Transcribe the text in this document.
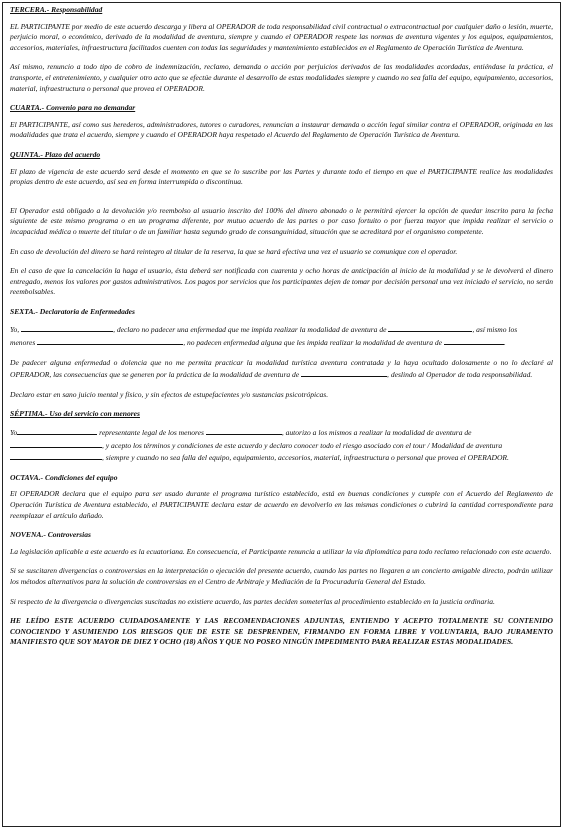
TERCERA.- Responsabilidad

EL PARTICIPANTE por medio de este acuerdo descarga y libera al OPERADOR de toda responsabilidad civil contractual o extracontractual por cualquier daño o lesión, muerte, perjuicio moral, o económico, derivado de la modalidad de aventura, siempre y cuando el OPERADOR respete las normas de aventura vigentes y los equipos, equipamientos, accesorios, materiales, infraestructura facilitados cuenten con todas las seguridades y mantenimiento establecidos en el Reglamento de Operación Turística de Aventura.

Así mismo, renuncio a todo tipo de cobro de indemnización, reclamo, demanda o acción por perjuicios derivados de las modalidades acordadas, entiéndase la práctica, el transporte, el entretenimiento, y cualquier otro acto que se efectúe durante el desarrollo de estas modalidades siempre y cuando no sea falla del equipo, equipamiento, accesorios, material, infraestructura o personal que provea el OPERADOR.

CUARTA.- Convenio para no demandar

El PARTICIPANTE, así como sus herederos, administradores, tutores o curadores, renuncian a instaurar demanda o acción legal similar contra el OPERADOR, originada en las modalidades que trata el acuerdo, siempre y cuando el OPERADOR haya respetado el Acuerdo del Reglamento de Operación Turística de Aventura.

QUINTA.- Plazo del acuerdo

El plazo de vigencia de este acuerdo será desde el momento en que se lo suscribe por las Partes y durante todo el tiempo en que el PARTICIPANTE realice las modalidades propias dentro de este acuerdo, así sea en forma interrumpida o discontinua.

El Operador está obligado a la devolución y/o reembolso al usuario inscrito del 100% del dinero abonado o le permitirá ejercer la opción de quedar inscrito para la fecha siguiente de este mismo programa o en un programa diferente, por mutuo acuerdo de las partes o por caso fortuito o por fuerza mayor que impida realizar el servicio o incapacidad médica o muerte del titular o de un familiar hasta segundo grado de consanguinidad, situación que se acreditará por el organismo competente.

En caso de devolución del dinero se hará reintegro al titular de la reserva, la que se hará efectiva una vez el usuario se comunique con el operador.

En el caso de que la cancelación la haga el usuario, ésta deberá ser notificada con cuarenta y ocho horas de anticipación al inicio de la modalidad y se le devolverá el dinero entregado, menos los valores por gastos administrativos. Los pagos por servicios que los participantes dejen de tomar por decisión personal una vez iniciado el servicio, no serán reembolsables.

SEXTA.- Declaratoria de Enfermedades

Yo,	, declaro no padecer una enfermedad que me impida realizar la modalidad de aventura de	, así mismo los
menores	, no padecen enfermedad alguna que les impida realizar la modalidad de aventura de	.

De padecer alguna enfermedad o dolencia que no me permita practicar la modalidad turística aventura contratada y la haya ocultado dolosamente o no lo declaré al OPERADOR, las consecuencias que se generen por la práctica de la modalidad de aventura de	, deslindo al Operador de toda responsabilidad.

Declaro estar en sano juicio mental y físico, y sin efectos de estupefacientes y/o sustancias psicotrópicas.

SÉPTIMA.- Uso del servicio con menores

Yo	representante legal de los menores	, autorizo a los mismos a realizar la modalidad de aventura de
, y acepto los términos y condiciones de este acuerdo y declaro conocer todo el riesgo asociado con el tour / Modalidad de aventura
, siempre y cuando no sea falla del equipo, equipamiento, accesorios, material, infraestructura o personal que provea el OPERADOR.

OCTAVA.- Condiciones del equipo

El OPERADOR declara que el equipo para ser usado durante el programa turístico establecido, está en buenas condiciones y cumple con el Acuerdo del Reglamento de Operación Turística de Aventura establecido, el PARTICIPANTE declara estar de acuerdo en devolverlo en las mismas condiciones o cubrirá la cantidad correspondiente para reemplazar el artículo dañado.

NOVENA.- Controversias

La legislación aplicable a este acuerdo es la ecuatoriana. En consecuencia, el Participante renuncia a utilizar la vía diplomática para todo reclamo relacionado con este acuerdo.

Si se suscitaren divergencias o controversias en la interpretación o ejecución del presente acuerdo, cuando las partes no llegaren a un concierto amigable directo, podrán utilizar los métodos alternativos para la solución de controversias en el Centro de Arbitraje y Mediación de la Procuraduría General del Estado.

Si respecto de la divergencia o divergencias suscitadas no existiere acuerdo, las partes deciden someterlas al procedimiento establecido en la justicia ordinaria.

HE LEÍDO ESTE ACUERDO CUIDADOSAMENTE Y LAS RECOMENDACIONES ADJUNTAS, ENTIENDO Y ACEPTO TOTALMENTE SU CONTENIDO CONOCIENDO Y ASUMIENDO LOS RIESGOS QUE DE ESTE SE DESPRENDEN, FIRMANDO EN FORMA LIBRE Y VOLUNTARIA, BAJO JURAMENTO MANIFIESTO QUE SOY MAYOR DE DIEZ Y OCHO (18) AÑOS Y QUE NO POSEO NINGÚN IMPEDIMENTO PARA REALIZAR ESTAS MODALIDADES.
